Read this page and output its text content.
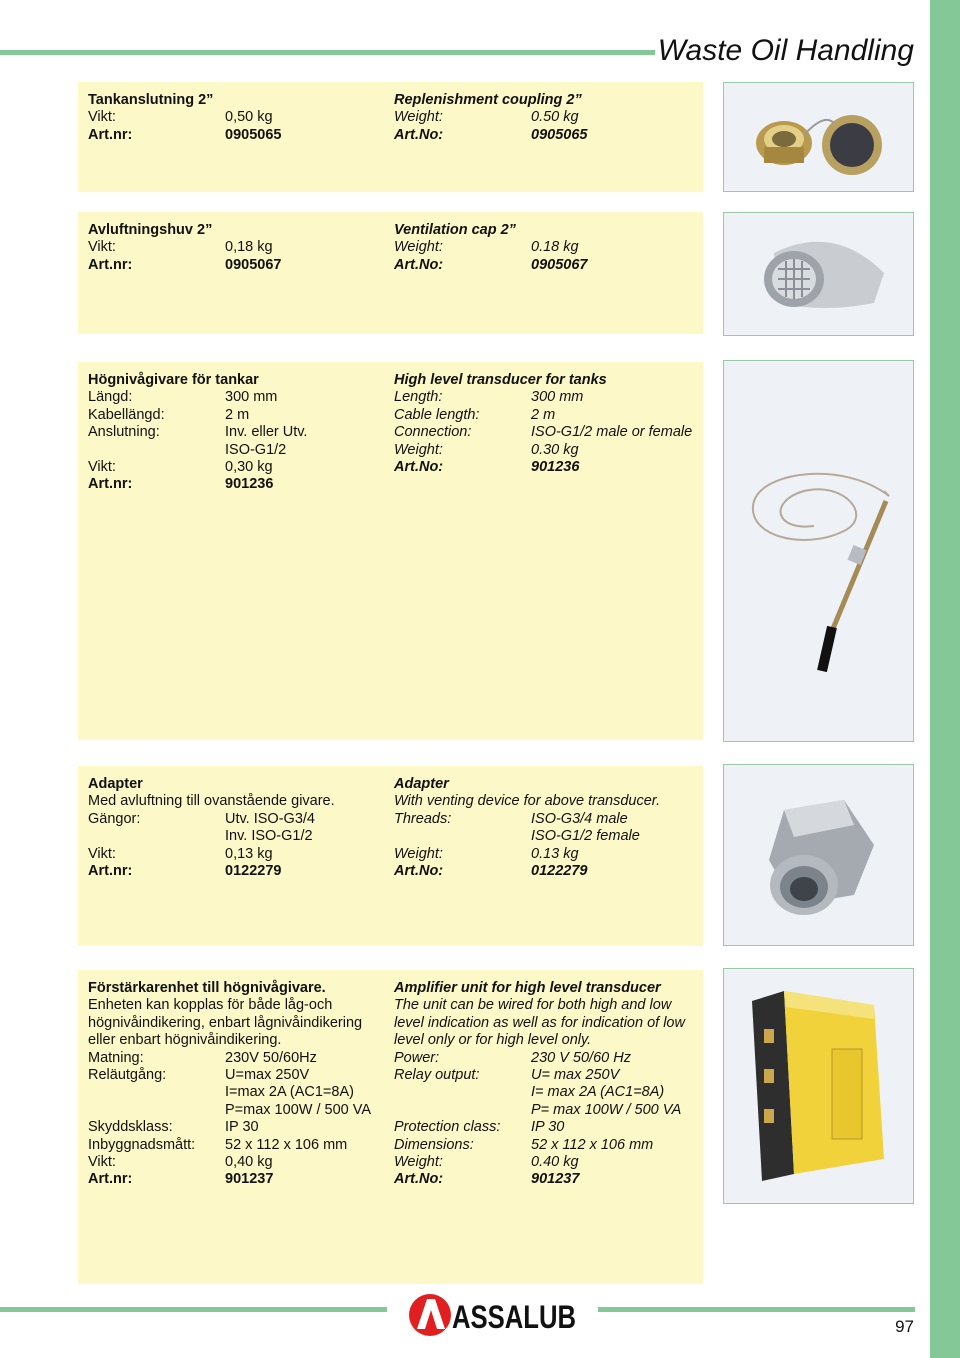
Waste Oil Handling
Tankanslutning 2”
Vikt:	0,50 kg
Art.nr:	0905065
Replenishment coupling 2”
Weight:	0.50 kg
Art.No:	0905065
Avluftningshuv 2”
Vikt:	0,18 kg
Art.nr:	0905067
Ventilation cap 2”
Weight:	0.18 kg
Art.No:	0905067
Högnivågivare för tankar
Längd:	300 mm
Kabellängd:	2 m
Anslutning:	Inv. eller Utv.
ISO-G1/2
Vikt:	0,30 kg
Art.nr:	901236
High level transducer for tanks
Length:	300 mm
Cable length:	2 m
Connection:	ISO-G1/2 male or female
Weight:	0.30 kg
Art.No:	901236
Adapter
Med avluftning till ovanstående givare.
Gängor:	Utv. ISO-G3/4
Inv. ISO-G1/2
Vikt:	0,13 kg
Art.nr:	0122279
Adapter
With venting device for above transducer.
Threads:	ISO-G3/4 male
ISO-G1/2 female
Weight:	0.13 kg
Art.No:	0122279
Förstärkarenhet till högnivågivare.
Enheten kan kopplas för både låg-och högnivåindikering, enbart lågnivåindikering eller enbart högnivåindikering.
Matning:	230V 50/60Hz
Reläutgång:	U=max 250V
I=max 2A (AC1=8A)
P=max 100W / 500 VA
Skyddsklass:	IP 30
Inbyggnadsmått: 52 x 112 x 106 mm
Vikt:	0,40 kg
Art.nr:	901237
Amplifier unit for high level transducer
The unit can be wired for both high and low level indication as well as for indication of low level only or for high level only.
Power:	230 V 50/60 Hz
Relay output:	U= max 250V
I= max 2A (AC1=8A)
P= max 100W / 500 VA
Protection class: IP 30
Dimensions:	52 x 112 x 106 mm
Weight:	0.40 kg
Art.No:	901237
ASSALUB	97
